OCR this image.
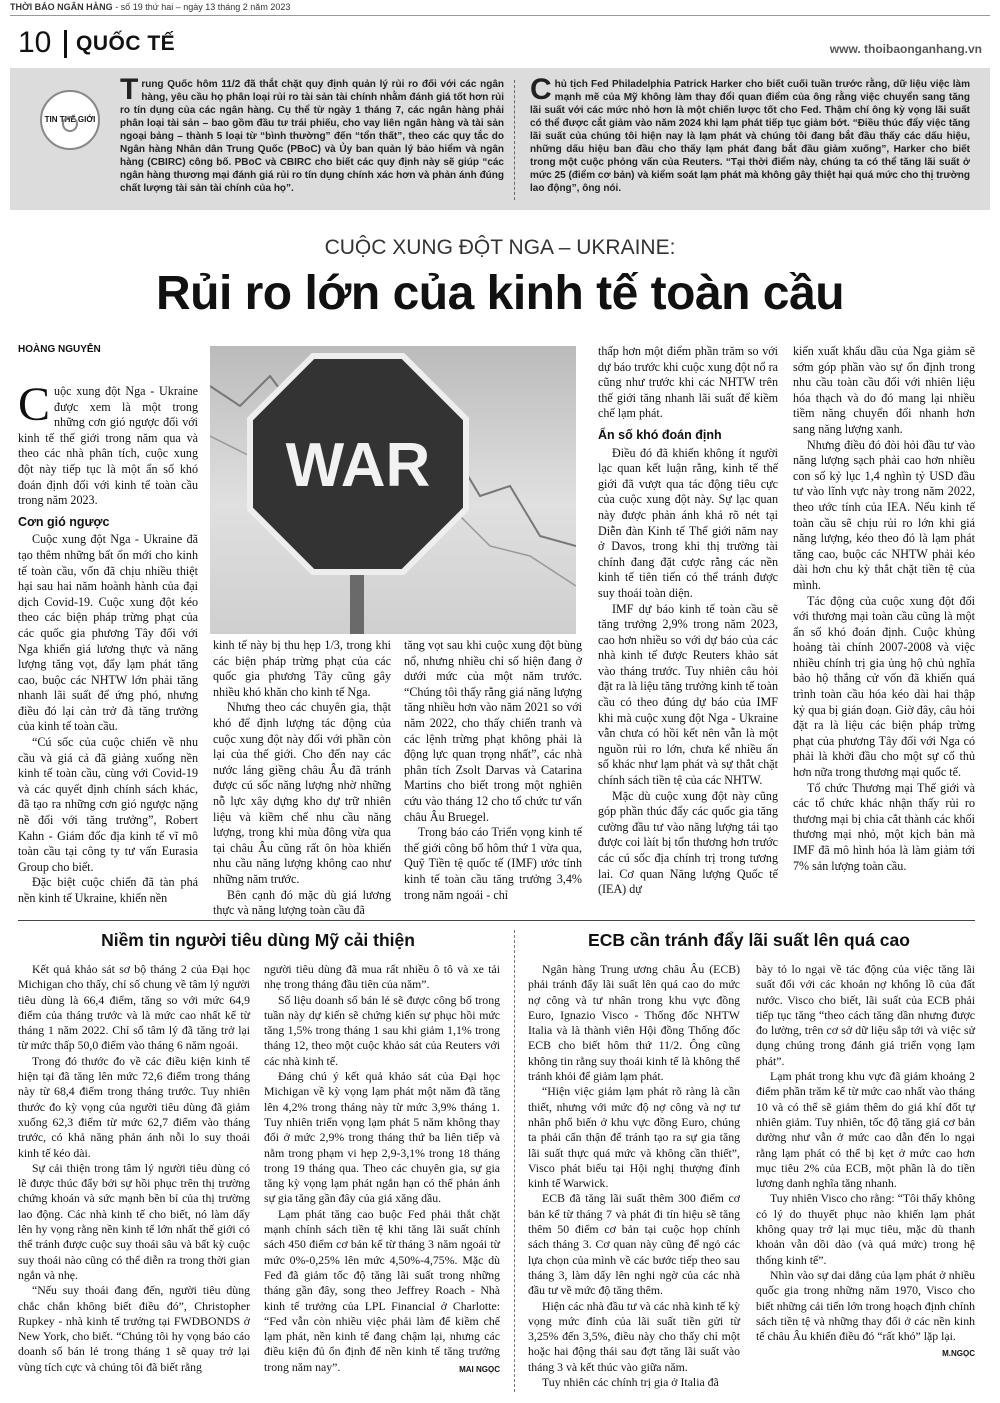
THỜI BÁO NGÂN HÀNG - số 19 thứ hai – ngày 13 tháng 2 năm 2023
10 QUỐC TẾ	www. thoibaonganhang.vn
TIN THẾ GIỚI
Trung Quốc hôm 11/2 đã thắt chặt quy định quản lý rủi ro đối với các ngân hàng, yêu cầu họ phân loại rủi ro tài sản tài chính nhằm đánh giá tốt hơn rủi ro tín dụng của các ngân hàng. Cụ thể từ ngày 1 tháng 7, các ngân hàng phải phân loại tài sản – bao gồm đầu tư trái phiếu, cho vay liên ngân hàng và tài sản ngoại bảng – thành 5 loại từ “bình thường” đến “tổn thất”, theo các quy tắc do Ngân hàng Nhân dân Trung Quốc (PBoC) và Ủy ban quản lý bảo hiểm và ngân hàng (CBIRC) công bố. PBoC và CBIRC cho biết các quy định này sẽ giúp “các ngân hàng thương mại đánh giá rủi ro tín dụng chính xác hơn và phản ánh đúng chất lượng tài sản tài chính của họ”.
Chủ tịch Fed Philadelphia Patrick Harker cho biết cuối tuần trước rằng, dữ liệu việc làm mạnh mẽ của Mỹ không làm thay đổi quan điểm của ông rằng việc chuyển sang tăng lãi suất với các mức nhỏ hơn là một chiến lược tốt cho Fed. Thậm chí ông kỳ vọng lãi suất có thể được cắt giảm vào năm 2024 khi lạm phát tiếp tục giảm bớt. “Điều thúc đẩy việc tăng lãi suất của chúng tôi hiện nay là lạm phát và chúng tôi đang bắt đầu thấy các dấu hiệu, những dấu hiệu ban đầu cho thấy lạm phát đang bắt đầu giảm xuống”, Harker cho biết trong một cuộc phỏng vấn của Reuters. “Tại thời điểm này, chúng ta có thể tăng lãi suất ở mức 25 (điểm cơ bản) và kiểm soát lạm phát mà không gây thiệt hại quá mức cho thị trường lao động”, ông nói.
CUỘC XUNG ĐỘT NGA – UKRAINE:
Rủi ro lớn của kinh tế toàn cầu
HOÀNG NGUYỄN
WAR

Cuộc xung đột Nga - Ukraine được xem là một trong những cơn gió ngược đối với kinh tế thế giới trong năm qua và theo các nhà phân tích, cuộc xung đột này tiếp tục là một ẩn số khó đoán định đối với kinh tế toàn cầu trong năm 2023.

Cơn gió ngược

Cuộc xung đột Nga - Ukraine đã tạo thêm những bất ổn mới cho kinh tế toàn cầu, vốn đã chịu nhiều thiệt hại sau hai năm hoành hành của đại dịch Covid-19. Cuộc xung đột kéo theo các biện pháp trừng phạt của các quốc gia phương Tây đối với Nga khiến giá lương thực và năng lượng tăng vọt, đẩy lạm phát tăng cao, buộc các NHTW lớn phải tăng nhanh lãi suất để ứng phó, nhưng điều đó lại cản trở đà tăng trưởng của kinh tế toàn cầu.

“Cú sốc của cuộc chiến về nhu cầu và giá cả đã giảng xuống nền kinh tế toàn cầu, cùng với Covid-19 và các quyết định chính sách khác, đã tạo ra những cơn gió ngược nặng nề đối với tăng trưởng”, Robert Kahn - Giám đốc địa kinh tế vĩ mô toàn cầu tại công ty tư vấn Eurasia Group cho biết.

Đặc biệt cuộc chiến đã tàn phá nền kinh tế Ukraine, khiến nền

kinh tế này bị thu hẹp 1/3, trong khi các biện pháp trừng phạt của các quốc gia phương Tây cũng gây nhiều khó khăn cho kinh tế Nga.

Nhưng theo các chuyên gia, thật khó để định lượng tác động của cuộc xung đột này đối với phần còn lại của thế giới. Cho đến nay các nước láng giềng châu Âu đã tránh được cú sốc năng lượng nhờ những nỗ lực xây dựng kho dự trữ nhiên liệu và kiềm chế nhu cầu năng lượng, trong khi mùa đông vừa qua tại châu Âu cũng rất ôn hòa khiến nhu cầu năng lượng không cao như những năm trước.

Bên cạnh đó mặc dù giá lương thực và năng lượng toàn cầu đã

tăng vọt sau khi cuộc xung đột bùng nổ, nhưng nhiều chỉ số hiện đang ở dưới mức của một năm trước. “Chúng tôi thấy rằng giá năng lượng tăng nhiều hơn vào năm 2021 so với năm 2022, cho thấy chiến tranh và các lệnh trừng phạt không phải là động lực quan trọng nhất”, các nhà phân tích Zsolt Darvas và Catarina Martins cho biết trong một nghiên cứu vào tháng 12 cho tổ chức tư vấn châu Âu Bruegel.

Trong báo cáo Triển vọng kinh tế thế giới công bố hôm thứ 1 vừa qua, Quỹ Tiền tệ quốc tế (IMF) ước tính kinh tế toàn cầu tăng trưởng 3,4% trong năm ngoái - chỉ

thấp hơn một điểm phần trăm so với dự báo trước khi cuộc xung đột nổ ra cũng như trước khi các NHTW trên thế giới tăng nhanh lãi suất để kiềm chế lạm phát.

Ẩn số khó đoán định

Điều đó đã khiến không ít người lạc quan kết luận rằng, kinh tế thế giới đã vượt qua tác động tiêu cực của cuộc xung đột này. Sự lạc quan này được phản ánh khá rõ nét tại Diễn đàn Kinh tế Thế giới năm nay ở Davos, trong khi thị trường tài chính đang đặt cược rằng các nền kinh tế tiên tiến có thể tránh được suy thoái toàn diện.

IMF dự báo kinh tế toàn cầu sẽ tăng trưởng 2,9% trong năm 2023, cao hơn nhiều so với dự báo của các nhà kinh tế được Reuters khảo sát vào tháng trước. Tuy nhiên câu hỏi đặt ra là liệu tăng trưởng kinh tế toàn cầu có theo đúng dự báo của IMF khi mà cuộc xung đột Nga - Ukraine vẫn chưa có hồi kết nên vẫn là một nguồn rủi ro lớn, chưa kể nhiều ẩn số khác như lạm phát và sự thắt chặt chính sách tiền tệ của các NHTW.

Mặc dù cuộc xung đột này cũng góp phần thúc đẩy các quốc gia tăng cường đầu tư vào năng lượng tái tạo được coi làít bị tổn thương hơn trước các cú sốc địa chính trị trong tương lai. Cơ quan Năng lượng Quốc tế (IEA) dự

kiến xuất khẩu dầu của Nga giảm sẽ sớm góp phần vào sự ổn định trong nhu cầu toàn cầu đối với nhiên liệu hóa thạch và do đó mang lại nhiều tiềm năng chuyển đổi nhanh hơn sang năng lượng xanh.

Nhưng điều đó đòi hỏi đầu tư vào năng lượng sạch phải cao hơn nhiều con số kỷ lục 1,4 nghìn tỷ USD đầu tư vào lĩnh vực này trong năm 2022, theo ước tính của IEA. Nếu kinh tế toàn cầu sẽ chịu rủi ro lớn khi giá năng lượng, kéo theo đó là lạm phát tăng cao, buộc các NHTW phải kéo dài hơn chu kỳ thắt chặt tiền tệ của mình.

Tác động của cuộc xung đột đối với thương mại toàn cầu cũng là một ẩn số khó đoán định. Cuộc khủng hoảng tài chính 2007-2008 và việc nhiều chính trị gia ủng hộ chủ nghĩa bảo hộ thắng cử vốn đã khiến quá trình toàn cầu hóa kéo dài hai thập kỷ qua bị gián đoạn. Giờ đây, câu hỏi đặt ra là liệu các biện pháp trừng phạt của phương Tây đối với Nga có phải là khởi đầu cho một sự cố thủ hơn nữa trong thương mại quốc tế.

Tổ chức Thương mại Thế giới và các tổ chức khác nhận thấy rủi ro thương mại bị chia cắt thành các khối thương mại nhỏ, một kịch bản mà IMF đã mô hình hóa là làm giảm tới 7% sản lượng toàn cầu.

Niềm tin người tiêu dùng Mỹ cải thiện

Kết quả khảo sát sơ bộ tháng 2 của Đại học Michigan cho thấy, chỉ số chung về tâm lý người tiêu dùng là 66,4 điểm, tăng so với mức 64,9 điểm của tháng trước và là mức cao nhất kể từ tháng 1 năm 2022. Chỉ số tâm lý đã tăng trở lại từ mức thấp 50,0 điểm vào tháng 6 năm ngoái.

Trong đó thước đo về các điều kiện kinh tế hiện tại đã tăng lên mức 72,6 điểm trong tháng này từ 68,4 điểm trong tháng trước. Tuy nhiên thước đo kỳ vọng của người tiêu dùng đã giảm xuống 62,3 điểm từ mức 62,7 điểm vào tháng trước, có khả năng phản ánh nỗi lo suy thoái kinh tế kéo dài.

Sự cải thiện trong tâm lý người tiêu dùng có lẽ được thúc đẩy bởi sự hồi phục trên thị trường chứng khoán và sức mạnh bền bỉ của thị trường lao động. Các nhà kinh tế cho biết, nó làm dấy lên hy vọng rằng nền kinh tế lớn nhất thế giới có thể tránh được cuộc suy thoái sâu và bất kỳ cuộc suy thoái nào cũng có thể diễn ra trong thời gian ngắn và nhẹ.

“Nếu suy thoái đang đến, người tiêu dùng chắc chắn không biết điều đó”, Christopher Rupkey - nhà kinh tế trưởng tại FWDBONDS ở New York, cho biết. “Chúng tôi hy vọng báo cáo doanh số bán lẻ trong tháng 1 sẽ quay trở lại vùng tích cực và chúng tôi đã biết rằng

người tiêu dùng đã mua rất nhiều ô tô và xe tải nhẹ trong tháng đầu tiên của năm”.

Số liệu doanh số bán lẻ sẽ được công bố trong tuần này dự kiến sẽ chứng kiến sự phục hồi mức tăng 1,5% trong tháng 1 sau khi giảm 1,1% trong tháng 12, theo một cuộc khảo sát của Reuters với các nhà kinh tế.

Đáng chú ý kết quả khảo sát của Đại học Michigan về kỳ vọng lạm phát một năm đã tăng lên 4,2% trong tháng này từ mức 3,9% tháng 1. Tuy nhiên triển vọng lạm phát 5 năm không thay đổi ở mức 2,9% trong tháng thứ ba liên tiếp và nằm trong phạm vi hẹp 2,9-3,1% trong 18 tháng trong 19 tháng qua. Theo các chuyên gia, sự gia tăng kỳ vọng lạm phát ngắn hạn có thể phản ánh sự gia tăng gần đây của giá xăng dầu.

Lạm phát tăng cao buộc Fed phải thắt chặt mạnh chính sách tiền tệ khi tăng lãi suất chính sách 450 điểm cơ bản kể từ tháng 3 năm ngoái từ mức 0%-0,25% lên mức 4,50%-4,75%. Mặc dù Fed đã giảm tốc độ tăng lãi suất trong những tháng gần đây, song theo Jeffrey Roach - Nhà kinh tế trưởng của LPL Financial ở Charlotte: “Fed vẫn còn nhiều việc phải làm để kiềm chế lạm phát, nền kinh tế đang chậm lại, nhưng các điều kiện đủ ổn định để nền kinh tế tăng trưởng trong năm nay”.	MAI NGỌC

ECB cần tránh đẩy lãi suất lên quá cao

Ngân hàng Trung ương châu Âu (ECB) phải tránh đẩy lãi suất lên quá cao do mức nợ công và tư nhân trong khu vực đồng Euro, Ignazio Visco - Thống đốc NHTW Italia và là thành viên Hội đồng Thống đốc ECB cho biết hôm thứ 11/2. Ông cũng không tin rằng suy thoái kinh tế là không thể tránh khỏi để giảm lạm phát.

“Hiện việc giảm lạm phát rõ ràng là cần thiết, nhưng với mức độ nợ công và nợ tư nhân phổ biến ở khu vực đồng Euro, chúng ta phải cẩn thận để tránh tạo ra sự gia tăng lãi suất thực quá mức và không cần thiết”, Visco phát biểu tại Hội nghị thượng đỉnh kinh tế Warwick.

ECB đã tăng lãi suất thêm 300 điểm cơ bản kể từ tháng 7 và phát đi tín hiệu sẽ tăng thêm 50 điểm cơ bản tại cuộc họp chính sách tháng 3. Cơ quan này cũng để ngỏ các lựa chọn của mình về các bước tiếp theo sau tháng 3, làm dấy lên nghi ngờ của các nhà đầu tư về mức độ tăng thêm.

Hiện các nhà đầu tư và các nhà kinh tế kỳ vọng mức đỉnh của lãi suất tiền gửi từ 3,25% đến 3,5%, điều này cho thấy chỉ một hoặc hai động thái sau đợt tăng lãi suất vào tháng 3 và kết thúc vào giữa năm.

Tuy nhiên các chính trị gia ở Italia đã

bày tỏ lo ngại về tác động của việc tăng lãi suất đối với các khoản nợ khổng lồ của đất nước. Visco cho biết, lãi suất của ECB phải tiếp tục tăng “theo cách tăng dần nhưng được đo lường, trên cơ sở dữ liệu sắp tới và việc sử dụng chúng trong đánh giá triển vọng lạm phát”.

Lạm phát trong khu vực đã giảm khoảng 2 điểm phần trăm kể từ mức cao nhất vào tháng 10 và có thể sẽ giảm thêm do giá khí đốt tự nhiên giảm. Tuy nhiên, tốc độ tăng giá cơ bản dường như vẫn ở mức cao dẫn đến lo ngại rằng lạm phát có thể bị kẹt ở mức cao hơn mục tiêu 2% của ECB, một phần là do tiền lương danh nghĩa tăng nhanh.

Tuy nhiên Visco cho rằng: “Tôi thấy không có lý do thuyết phục nào khiến lạm phát không quay trở lại mục tiêu, mặc dù thanh khoản vẫn dồi dào (và quá mức) trong hệ thống kinh tế”.

Nhìn vào sự dai dẳng của lạm phát ở nhiều quốc gia trong những năm 1970, Visco cho biết những cải tiến lớn trong hoạch định chính sách tiền tệ và những thay đổi ở các nền kinh tế châu Âu khiến điều đó “rất khó” lặp lại.
M.NGỌC
